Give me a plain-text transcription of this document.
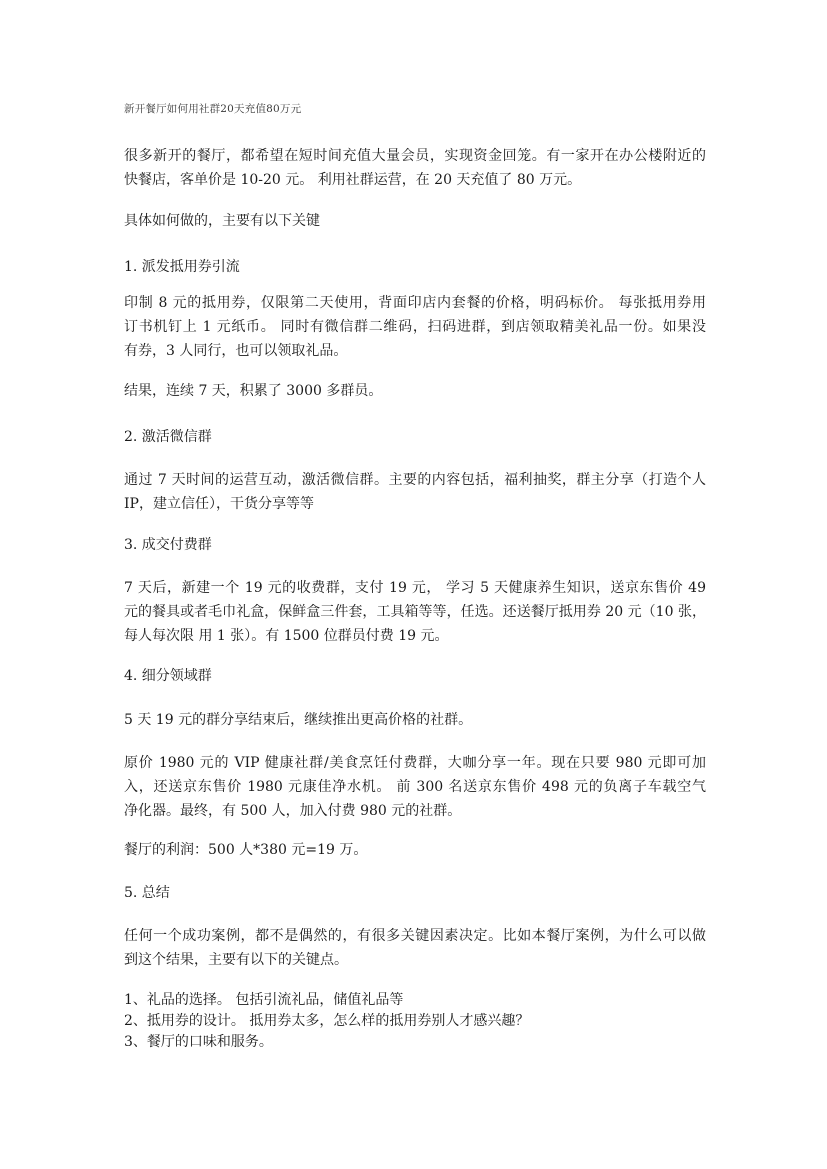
新开餐厅如何用社群20天充值80万元
很多新开的餐厅，都希望在短时间充值大量会员，实现资金回笼。有一家开在办公楼附近的
快餐店，客单价是 10-20 元。 利用社群运营，在 20 天充值了 80 万元。
具体如何做的，主要有以下关键
1. 派发抵用券引流
印制 8 元的抵用券，仅限第二天使用，背面印店内套餐的价格，明码标价。 每张抵用券用
订书机钉上 1 元纸币。 同时有微信群二维码，扫码进群，到店领取精美礼品一份。如果没
有券，3 人同行，也可以领取礼品。
结果，连续 7 天，积累了 3000 多群员。
2. 激活微信群
通过 7 天时间的运营互动，激活微信群。主要的内容包括，福利抽奖，群主分享（打造个人
IP，建立信任），干货分享等等
3. 成交付费群
7 天后，新建一个 19 元的收费群，支付 19 元， 学习 5 天健康养生知识，送京东售价 49
元的餐具或者毛巾礼盒，保鲜盒三件套，工具箱等等，任选。还送餐厅抵用券 20 元（10 张，
每人每次限 用 1 张）。有 1500 位群员付费 19 元。
4. 细分领域群
5 天 19 元的群分享结束后，继续推出更高价格的社群。
原价 1980 元的 VIP 健康社群/美食烹饪付费群，大咖分享一年。现在只要 980 元即可加
入，还送京东售价 1980 元康佳净水机。 前 300 名送京东售价 498 元的负离子车载空气
净化器。最终，有 500 人，加入付费 980 元的社群。
餐厅的利润：500 人*380 元=19 万。
5. 总结
任何一个成功案例，都不是偶然的，有很多关键因素决定。比如本餐厅案例，为什么可以做
到这个结果，主要有以下的关键点。
1、礼品的选择。 包括引流礼品，储值礼品等
2、抵用券的设计。 抵用券太多，怎么样的抵用券别人才感兴趣？
3、餐厅的口味和服务。
